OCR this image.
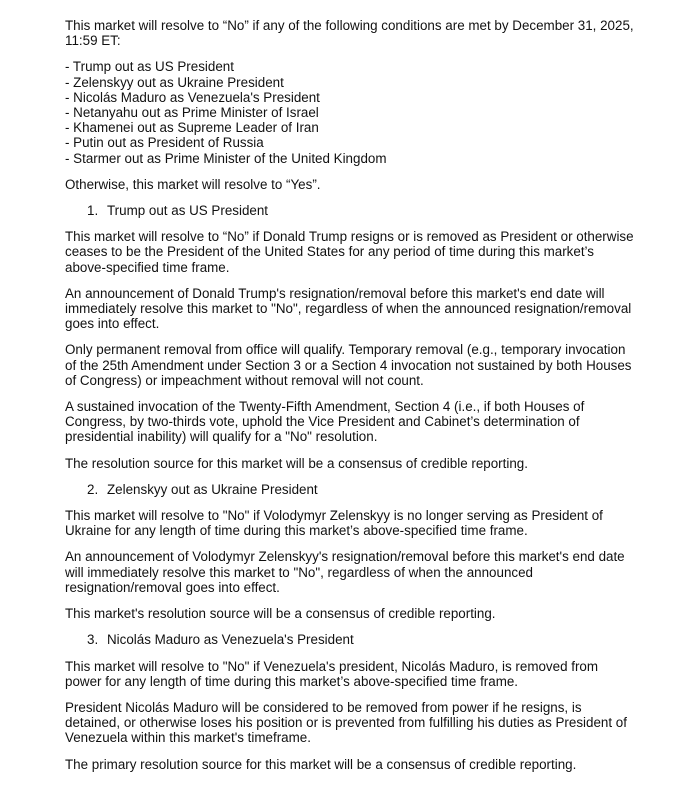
This market will resolve to “No” if any of the following conditions are met by December 31, 2025, 11:59 ET:

- Trump out as US President
- Zelenskyy out as Ukraine President
- Nicolás Maduro as Venezuela's President
- Netanyahu out as Prime Minister of Israel
- Khamenei out as Supreme Leader of Iran
- Putin out as President of Russia
- Starmer out as Prime Minister of the United Kingdom

Otherwise, this market will resolve to “Yes”.

1. Trump out as US President

This market will resolve to “No” if Donald Trump resigns or is removed as President or otherwise ceases to be the President of the United States for any period of time during this market’s above-specified time frame.

An announcement of Donald Trump's resignation/removal before this market's end date will immediately resolve this market to "No", regardless of when the announced resignation/removal goes into effect.

Only permanent removal from office will qualify. Temporary removal (e.g., temporary invocation of the 25th Amendment under Section 3 or a Section 4 invocation not sustained by both Houses of Congress) or impeachment without removal will not count.

A sustained invocation of the Twenty-Fifth Amendment, Section 4 (i.e., if both Houses of Congress, by two-thirds vote, uphold the Vice President and Cabinet’s determination of presidential inability) will qualify for a "No" resolution.

The resolution source for this market will be a consensus of credible reporting.

2. Zelenskyy out as Ukraine President

This market will resolve to "No" if Volodymyr Zelenskyy is no longer serving as President of Ukraine for any length of time during this market’s above-specified time frame.

An announcement of Volodymyr Zelenskyy's resignation/removal before this market's end date will immediately resolve this market to "No", regardless of when the announced resignation/removal goes into effect.

This market's resolution source will be a consensus of credible reporting.

3. Nicolás Maduro as Venezuela's President

This market will resolve to "No" if Venezuela's president, Nicolás Maduro, is removed from power for any length of time during this market’s above-specified time frame.

President Nicolás Maduro will be considered to be removed from power if he resigns, is detained, or otherwise loses his position or is prevented from fulfilling his duties as President of Venezuela within this market's timeframe.

The primary resolution source for this market will be a consensus of credible reporting.
